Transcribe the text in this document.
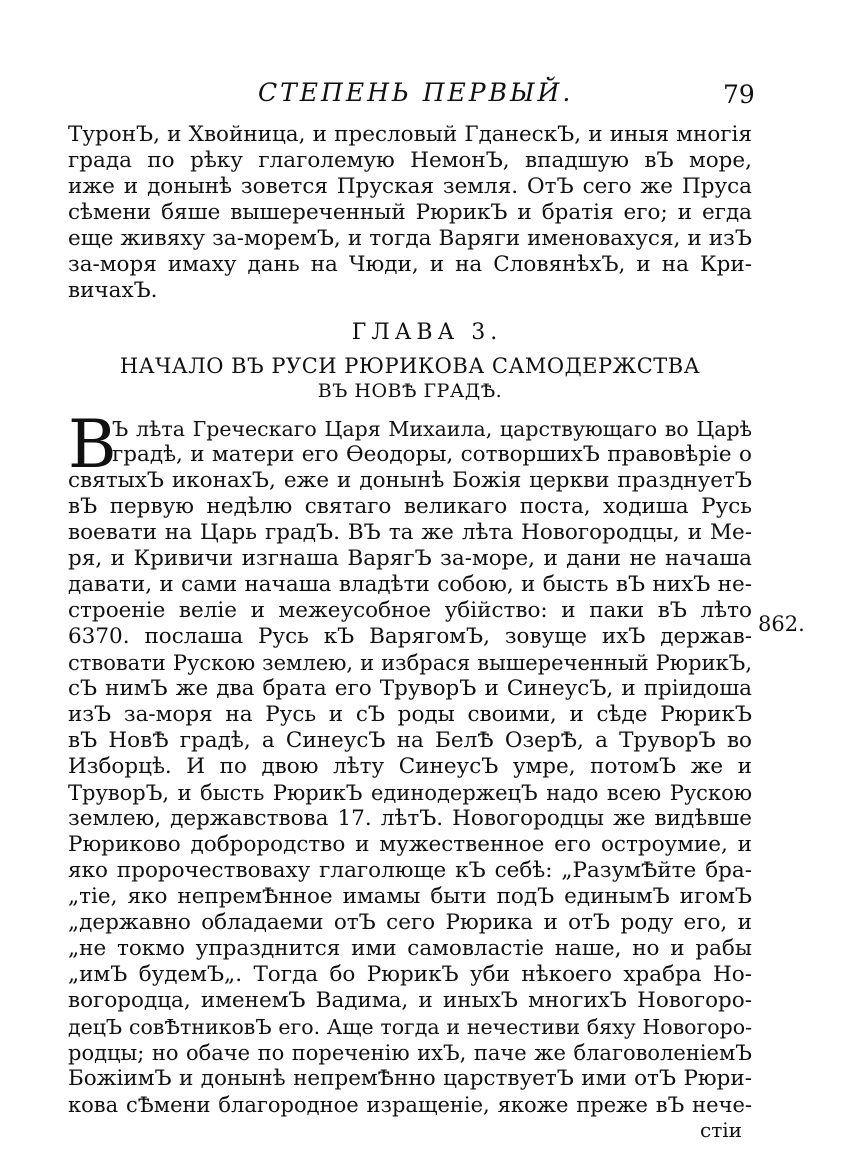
СТЕПЕНЬ ПЕРВЫЙ.	79
ТуронЪ, и Хвойница, и пресловый ГданескЪ, и иныя многія
града по рѣку глаголемую НемонЪ, впадшую вЪ море,
иже и донынѣ зовется Пруская земля. ОтЪ сего же Пруса
сѣмени бяше вышереченный РюрикЪ и братія его; и егда
еще живяху за-моремЪ, и тогда Варяги именовахуся, и изЪ
за-моря имаху дань на Чюди, и на СловянѣхЪ, и на Кри-
вичахЪ.
ГЛАВА 3.
НАЧАЛО ВЪ РУСИ РЮРИКОВА САМОДЕРЖСТВА
ВЪ НОВѢ ГРАДѢ.
В
Ъ лѣта Греческаго Царя Михаила, царствующаго во Царѣ
градѣ, и матери его Ѳеодоры, сотворшихЪ правовѣріе о
святыхЪ иконахЪ, еже и донынѣ Божія церкви празднуетЪ
вЪ первую недѣлю святаго великаго поста, ходиша Русь
воевати на Царь градЪ. ВЪ та же лѣта Новогородцы, и Ме-
ря, и Кривичи изгнаша ВарягЪ за-море, и дани не начаша
давати, и сами начаша владѣти собою, и бысть вЪ нихЪ не-
строеніе веліе и межеусобное убійство: и паки вЪ лѣто
6370. послаша Русь кЪ ВарягомЪ, зовуще ихЪ держав-
ствовати Рускою землею, и избрася вышереченный РюрикЪ,
сЪ нимЪ же два брата его ТруворЪ и СинеусЪ, и пріидоша
изЪ за-моря на Русь и сЪ роды своими, и сѣде РюрикЪ
вЪ НовѢ градѣ, а СинеусЪ на БелѢ ОзерѢ, а ТруворЪ во
Изборцѣ. И по двою лѣту СинеусЪ умре, потомЪ же и
ТруворЪ, и бысть РюрикЪ единодержецЪ надо всею Рускою
землею, державствова 17. лѣтЪ. Новогородцы же видѣвше
Рюриково доброродство и мужественное его остроумие, и
яко пророчествоваху глаголюще кЪ себѣ: „РазумѢйте бра-
„тіе, яко непремѢнное имамы быти подЪ единымЪ игомЪ
„державно обладаеми отЪ сего Рюрика и отЪ роду его, и
„не токмо упразднится ими самовластіе наше, но и рабы
„имЪ будемЪ„. Тогда бо РюрикЪ уби нѣкоего храбра Но-
вогородца, именемЪ Вадима, и иныхЪ многихЪ Новогоро-
децЪ совѢтниковЪ его. Аще тогда и нечестиви бяху Новогоро-
родцы; но обаче по пореченію ихЪ, паче же благоволеніемЪ
БожіимЪ и донынѣ непремѢнно царствуетЪ ими отЪ Рюри-
кова сѢмени благородное изращеніе, якоже преже вЪ нече-
862.
стіи
